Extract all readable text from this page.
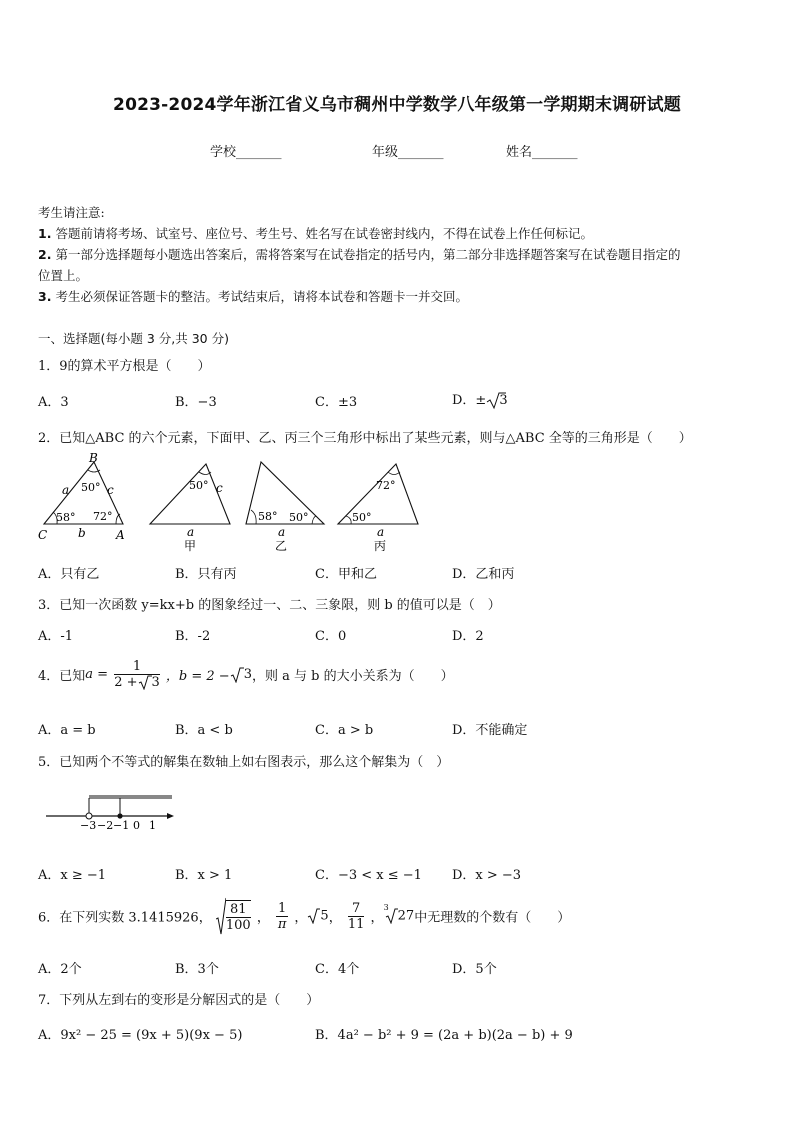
2023-2024学年浙江省义乌市稠州中学数学八年级第一学期期末调研试题
学校_______	年级_______	姓名_______
考生请注意:
1. 答题前请将考场、试室号、座位号、考生号、姓名写在试卷密封线内，不得在试卷上作任何标记。
2. 第一部分选择题每小题选出答案后，需将答案写在试卷指定的括号内，第二部分非选择题答案写在试卷题目指定的
位置上。
3. 考生必须保证答题卡的整洁。考试结束后，请将本试卷和答题卡一并交回。
一、选择题(每小题 3 分,共 30 分)
1．9的算术平方根是（　　）
A．3	B．−3	C．±3	D．± 3
2．已知△ABC 的六个元素，下面甲、乙、丙三个三角形中标出了某些元素，则与△ABC 全等的三角形是（　　）
B
C	A
a
b
c
50°
58° 72°
50° c
a
甲
58° 50°
a
乙
72°
50°
a
丙
A．只有乙	B．只有丙	C．甲和乙	D．乙和丙
3．已知一次函数 y=kx+b 的图象经过一、二、三象限，则 b 的值可以是（　）
A．-1	B．-2	C．0	D．2
4．已知$a = \frac{1}{2 + 3}$ ，b = 2 − 3，则 a 与 b 的大小关系为（　　）
A．a = b	B．a < b	C．a > b	D．不能确定
5．已知两个不等式的解集在数轴上如右图表示，那么这个解集为（　）
−3 −2 −1 0 1
A．x ≥ −1	B．x > 1	C．−3 < x ≤ −1 D．x > −3
6．在下列实数 3.1415926， $\frac{81}{100}$ ， $\frac{1}{\pi}$ ， 5， $\frac{7}{11}$ ，$^3$27中无理数的个数有（　　）
A．2个	B．3个	C．4个	D．5个
7．下列从左到右的变形是分解因式的是（　　）
A．9x² − 25 = (9x + 5)(9x − 5)	B．4a² − b² + 9 = (2a + b)(2a − b) + 9
